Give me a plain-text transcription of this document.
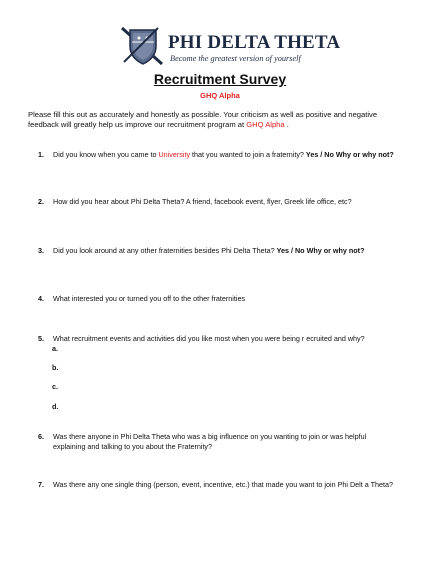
PHI DELTA THETA
Become the greatest version of yourself
Recruitment Survey
GHQ Alpha
Please fill this out as accurately and honestly as possible. Your criticism as well as positive and negative feedback will greatly help us improve our recruitment program at GHQ Alpha .
1.	Did you know when you came to University that you wanted to join a fraternity? Yes / No Why or why not?
2.	How did you hear about Phi Delta Theta? A friend, facebook event, flyer, Greek life office, etc?
3.	Did you look around at any other fraternities besides Phi Delta Theta? Yes / No Why or why not?
4.	What interested you or turned you off to the other fraternities
5.	What recruitment events and activities did you like most when you were being r ecruited and why?
a.
b.
c.
d.
6.	Was there anyone in Phi Delta Theta who was a big influence on you wanting to join or was helpful explaining and talking to you about the Fraternity?
7.	Was there any one single thing (person, event, incentive, etc.) that made you want to join Phi Delt a Theta?
